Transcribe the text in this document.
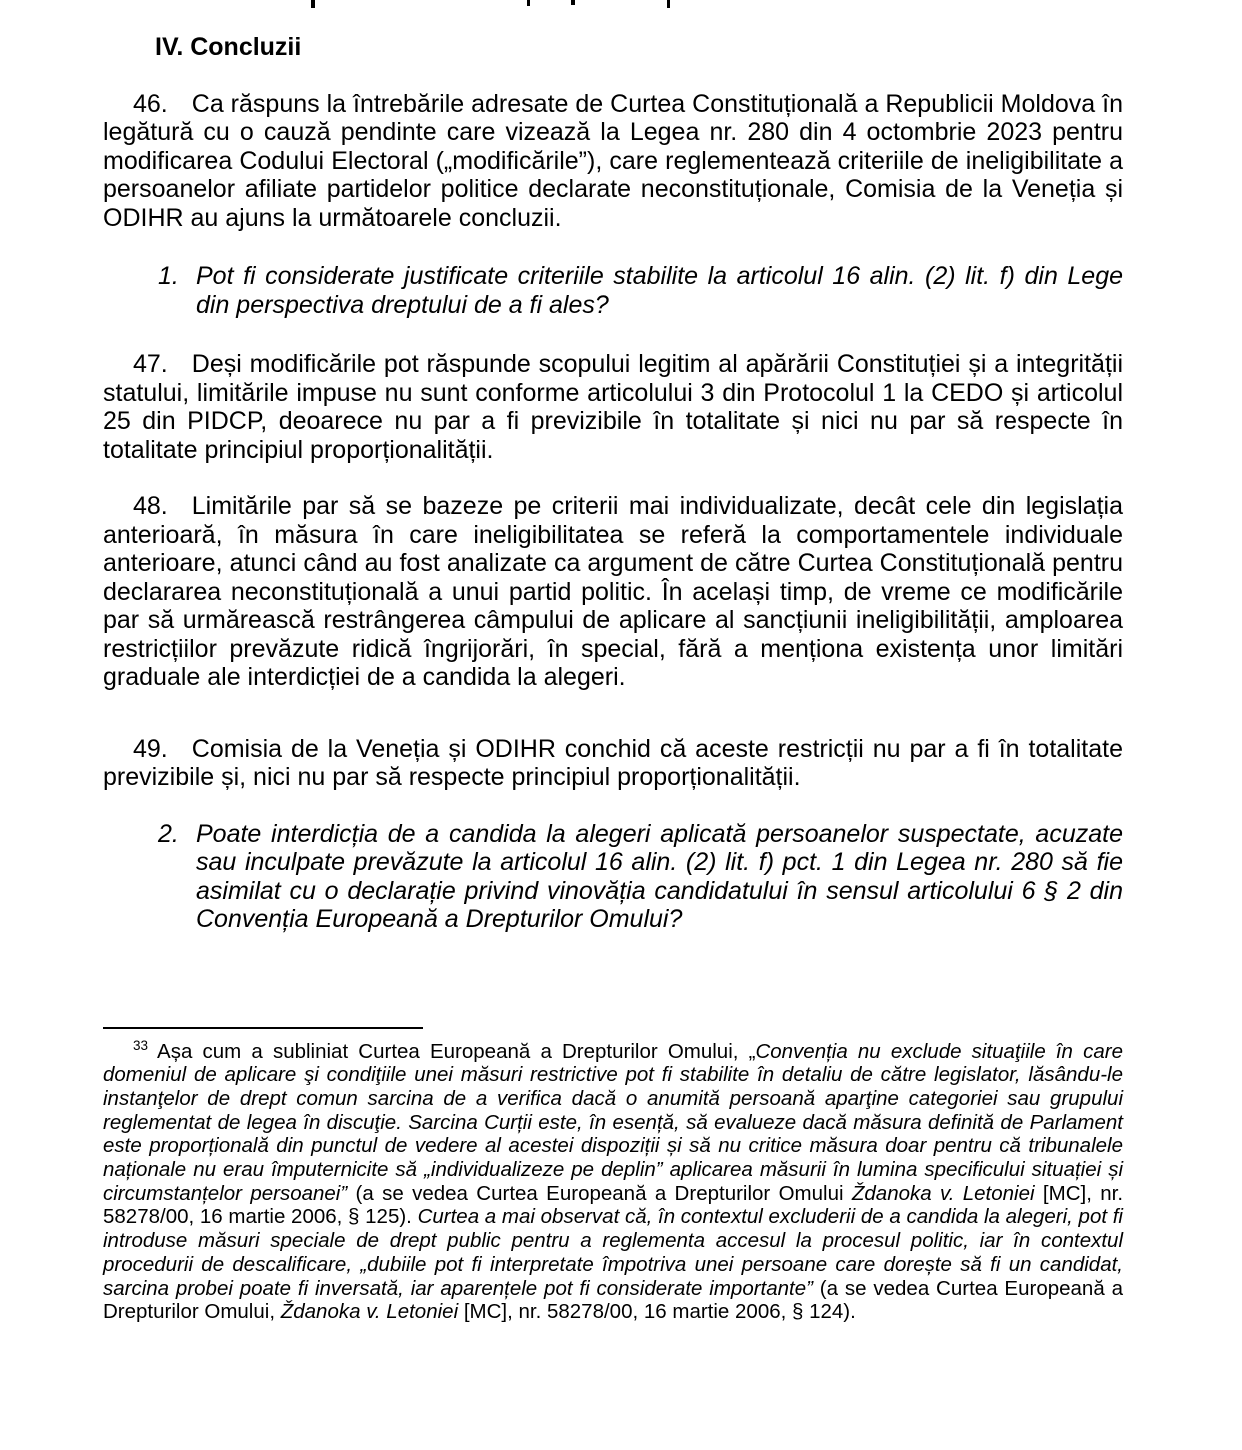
IV. Concluzii

46. Ca răspuns la întrebările adresate de Curtea Constituțională a Republicii Moldova în legătură cu o cauză pendinte care vizează la Legea nr. 280 din 4 octombrie 2023 pentru modificarea Codului Electoral („modificările”), care reglementează criteriile de ineligibilitate a persoanelor afiliate partidelor politice declarate neconstituționale, Comisia de la Veneția și ODIHR au ajuns la următoarele concluzii.

1. Pot fi considerate justificate criteriile stabilite la articolul 16 alin. (2) lit. f) din Lege din perspectiva dreptului de a fi ales?

47. Deși modificările pot răspunde scopului legitim al apărării Constituției și a integrității statului, limitările impuse nu sunt conforme articolului 3 din Protocolul 1 la CEDO și articolul 25 din PIDCP, deoarece nu par a fi previzibile în totalitate și nici nu par să respecte în totalitate principiul proporționalității.

48. Limitările par să se bazeze pe criterii mai individualizate, decât cele din legislația anterioară, în măsura în care ineligibilitatea se referă la comportamentele individuale anterioare, atunci când au fost analizate ca argument de către Curtea Constituțională pentru declararea neconstituțională a unui partid politic. În același timp, de vreme ce modificările par să urmărească restrângerea câmpului de aplicare al sancțiunii ineligibilității, amploarea restricțiilor prevăzute ridică îngrijorări, în special, fără a menționa existența unor limitări graduale ale interdicției de a candida la alegeri.

49. Comisia de la Veneția și ODIHR conchid că aceste restricții nu par a fi în totalitate previzibile și, nici nu par să respecte principiul proporționalității.

2. Poate interdicția de a candida la alegeri aplicată persoanelor suspectate, acuzate sau inculpate prevăzute la articolul 16 alin. (2) lit. f) pct. 1 din Legea nr. 280 să fie asimilat cu o declarație privind vinovăția candidatului în sensul articolului 6 § 2 din Convenția Europeană a Drepturilor Omului?

$^{33}$ Așa cum a subliniat Curtea Europeană a Drepturilor Omului, „Convenția nu exclude situaţiile în care domeniul de aplicare şi condiţiile unei măsuri restrictive pot fi stabilite în detaliu de către legislator, lăsându-le instanţelor de drept comun sarcina de a verifica dacă o anumită persoană aparţine categoriei sau grupului reglementat de legea în discuţie. Sarcina Curții este, în esență, să evalueze dacă măsura definită de Parlament este proporțională din punctul de vedere al acestei dispoziții și să nu critice măsura doar pentru că tribunalele naționale nu erau împuternicite să „individualizeze pe deplin” aplicarea măsurii în lumina specificului situației și circumstanțelor persoanei” (a se vedea Curtea Europeană a Drepturilor Omului Ždanoka v. Letoniei [MC], nr. 58278/00, 16 martie 2006, § 125). Curtea a mai observat că, în contextul excluderii de a candida la alegeri, pot fi introduse măsuri speciale de drept public pentru a reglementa accesul la procesul politic, iar în contextul procedurii de descalificare, „dubiile pot fi interpretate împotriva unei persoane care dorește să fi un candidat, sarcina probei poate fi inversată, iar aparențele pot fi considerate importante” (a se vedea Curtea Europeană a Drepturilor Omului, Ždanoka v. Letoniei [MC], nr. 58278/00, 16 martie 2006, § 124).
